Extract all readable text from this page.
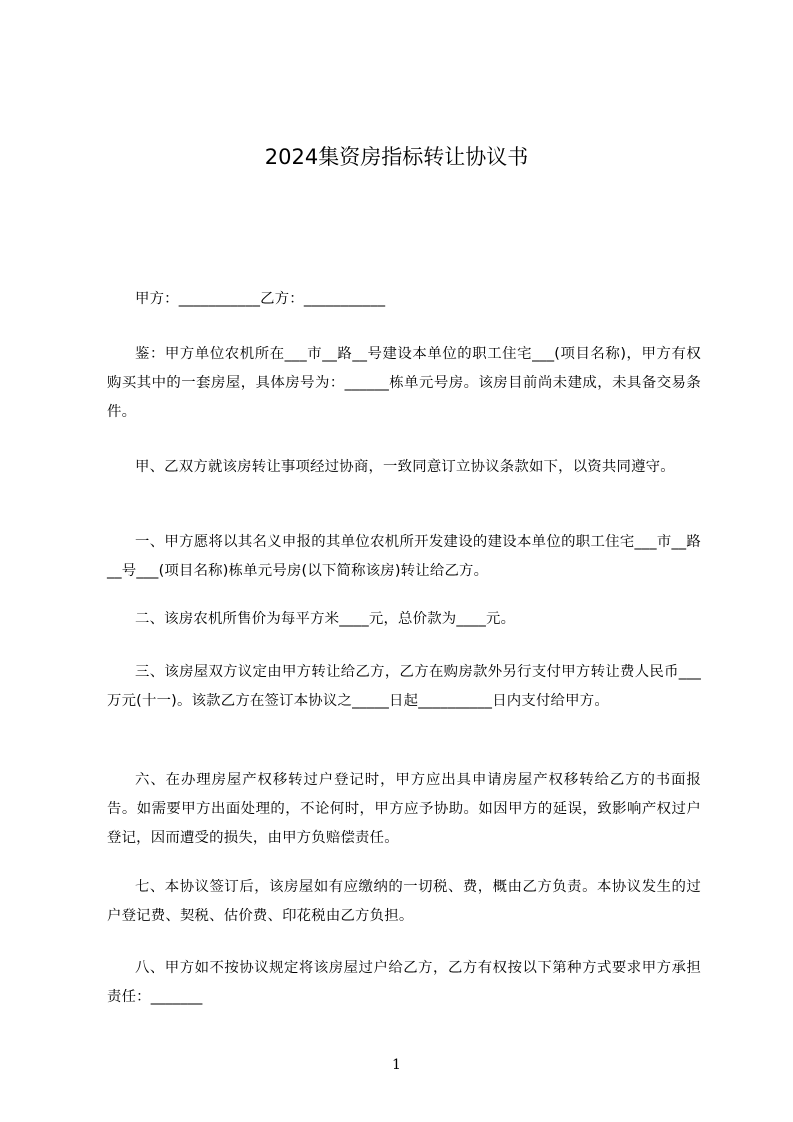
2024集资房指标转让协议书

甲方：___________乙方：___________

鉴：甲方单位农机所在___市__路__号建设本单位的职工住宅___(项目名称)，甲方有权购买其中的一套房屋，具体房号为：______栋单元号房。该房目前尚未建成，未具备交易条件。

甲、乙双方就该房转让事项经过协商，一致同意订立协议条款如下，以资共同遵守。

一、甲方愿将以其名义申报的其单位农机所开发建设的建设本单位的职工住宅___市__路__号___(项目名称)栋单元号房(以下简称该房)转让给乙方。

二、该房农机所售价为每平方米____元，总价款为____元。

三、该房屋双方议定由甲方转让给乙方，乙方在购房款外另行支付甲方转让费人民币___万元(十一)。该款乙方在签订本协议之_____日起__________日内支付给甲方。

六、在办理房屋产权移转过户登记时，甲方应出具申请房屋产权移转给乙方的书面报告。如需要甲方出面处理的，不论何时，甲方应予协助。如因甲方的延误，致影响产权过户登记，因而遭受的损失，由甲方负赔偿责任。

七、本协议签订后，该房屋如有应缴纳的一切税、费，概由乙方负责。本协议发生的过户登记费、契税、估价费、印花税由乙方负担。

八、甲方如不按协议规定将该房屋过户给乙方，乙方有权按以下第种方式要求甲方承担责任：_______

1
